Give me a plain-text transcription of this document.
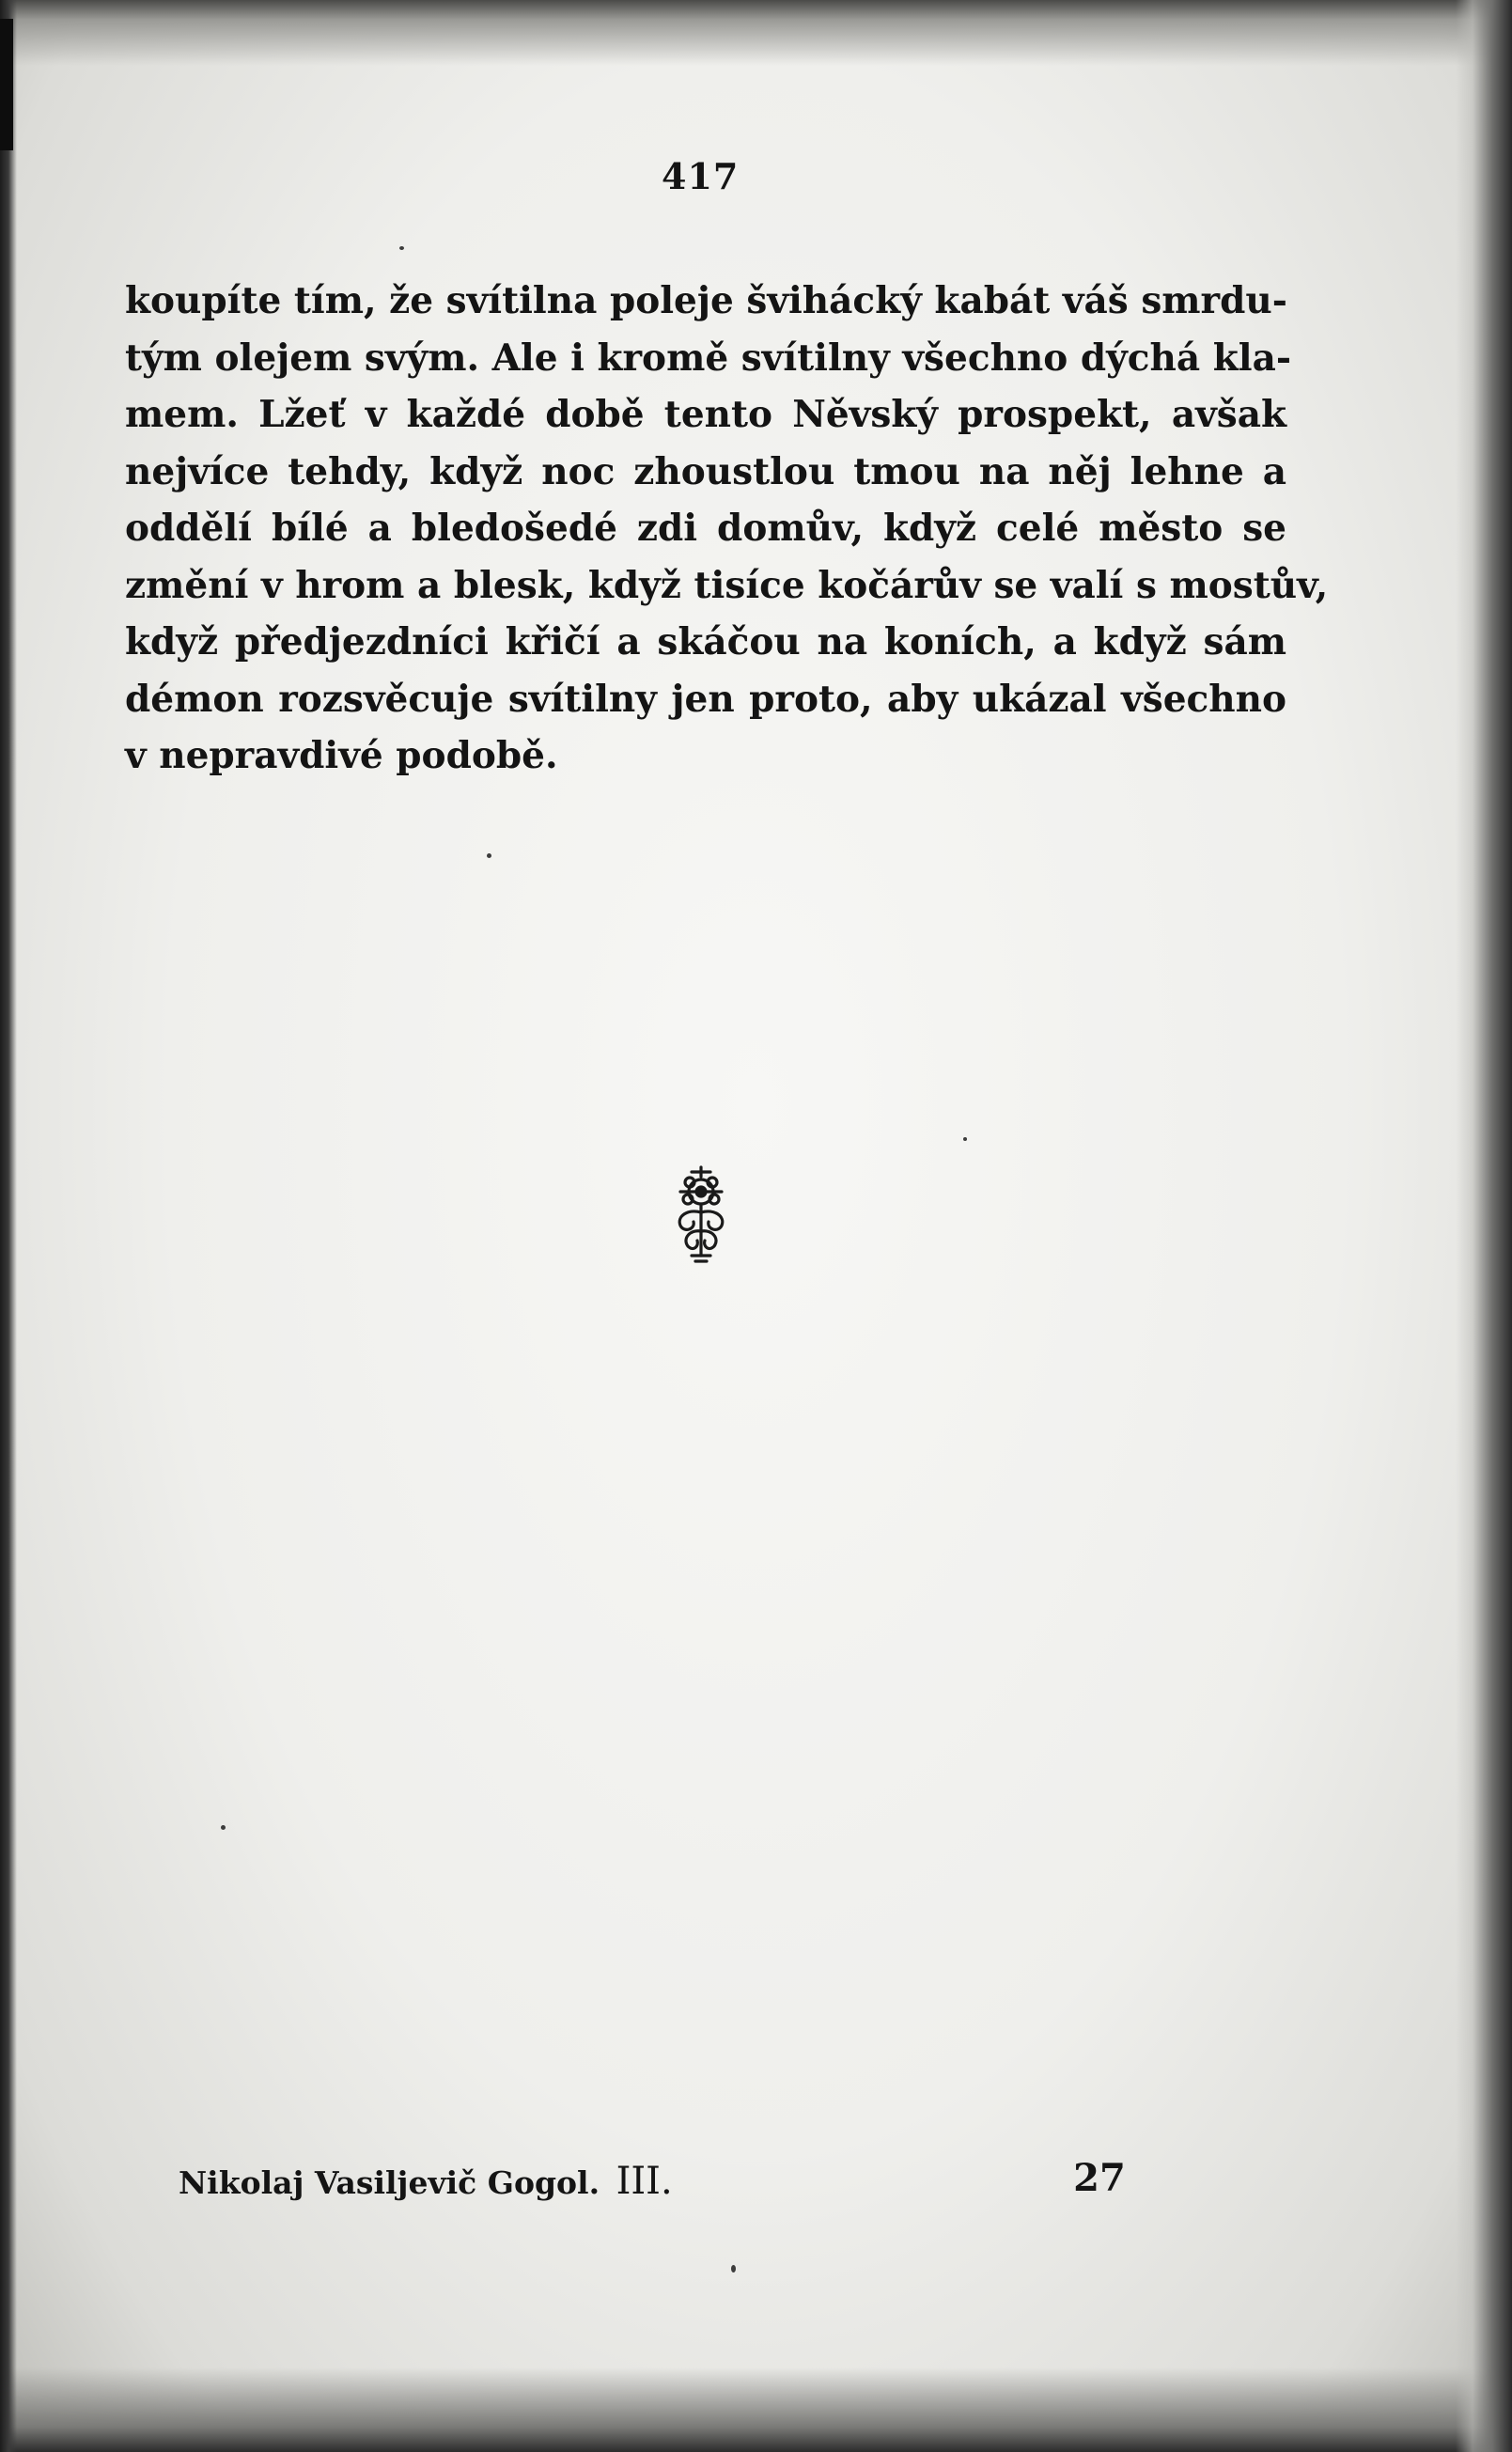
417
koupíte tím, že svítilna poleje švihácký kabát váš smrdu-
tým olejem svým. Ale i kromě svítilny všechno dýchá kla-
mem. Lžeť v každé době tento Něvský prospekt, avšak
nejvíce tehdy, když noc zhoustlou tmou na něj lehne a
oddělí bílé a bledošedé zdi domův, když celé město se
změní v hrom a blesk, když tisíce kočárův se valí s mostův,
když předjezdníci křičí a skáčou na koních, a když sám
démon rozsvěcuje svítilny jen proto, aby ukázal všechno
v nepravdivé podobě.
Nikolaj Vasiljevič Gogol. III.	27
